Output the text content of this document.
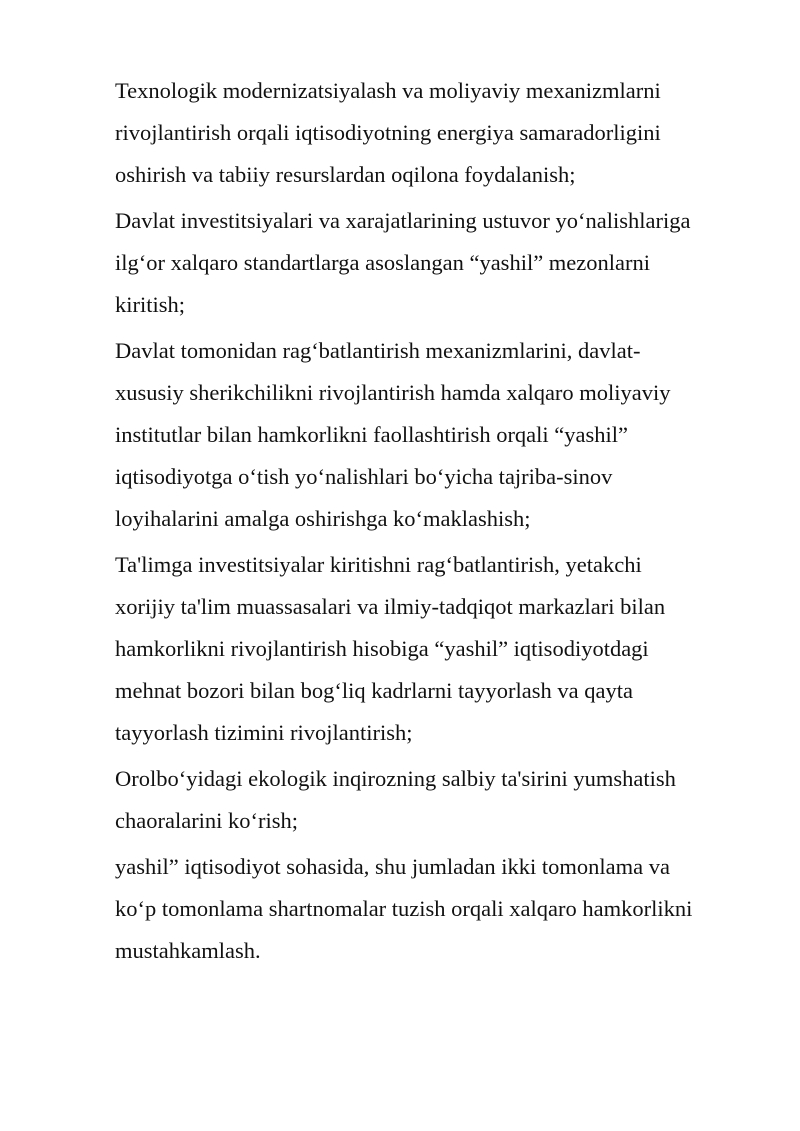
Texnologik modernizatsiyalash va moliyaviy mexanizmlarni
rivojlantirish orqali iqtisodiyotning energiya samaradorligini
oshirish va tabiiy resurslardan oqilona foydalanish;

Davlat investitsiyalari va xarajatlarining ustuvor yo‘nalishlariga
ilg‘or xalqaro standartlarga asoslangan “yashil” mezonlarni
kiritish;

Davlat tomonidan rag‘batlantirish mexanizmlarini, davlat-
xususiy sherikchilikni rivojlantirish hamda xalqaro moliyaviy
institutlar bilan hamkorlikni faollashtirish orqali “yashil”
iqtisodiyotga o‘tish yo‘nalishlari bo‘yicha tajriba-sinov
loyihalarini amalga oshirishga ko‘maklashish;

Ta'limga investitsiyalar kiritishni rag‘batlantirish, yetakchi
xorijiy ta'lim muassasalari va ilmiy-tadqiqot markazlari bilan
hamkorlikni rivojlantirish hisobiga “yashil” iqtisodiyotdagi
mehnat bozori bilan bog‘liq kadrlarni tayyorlash va qayta
tayyorlash tizimini rivojlantirish;

Orolbo‘yidagi ekologik inqirozning salbiy ta'sirini yumshatish
chaoralarini ko‘rish;

yashil” iqtisodiyot sohasida, shu jumladan ikki tomonlama va
ko‘p tomonlama shartnomalar tuzish orqali xalqaro hamkorlikni
mustahkamlash.
